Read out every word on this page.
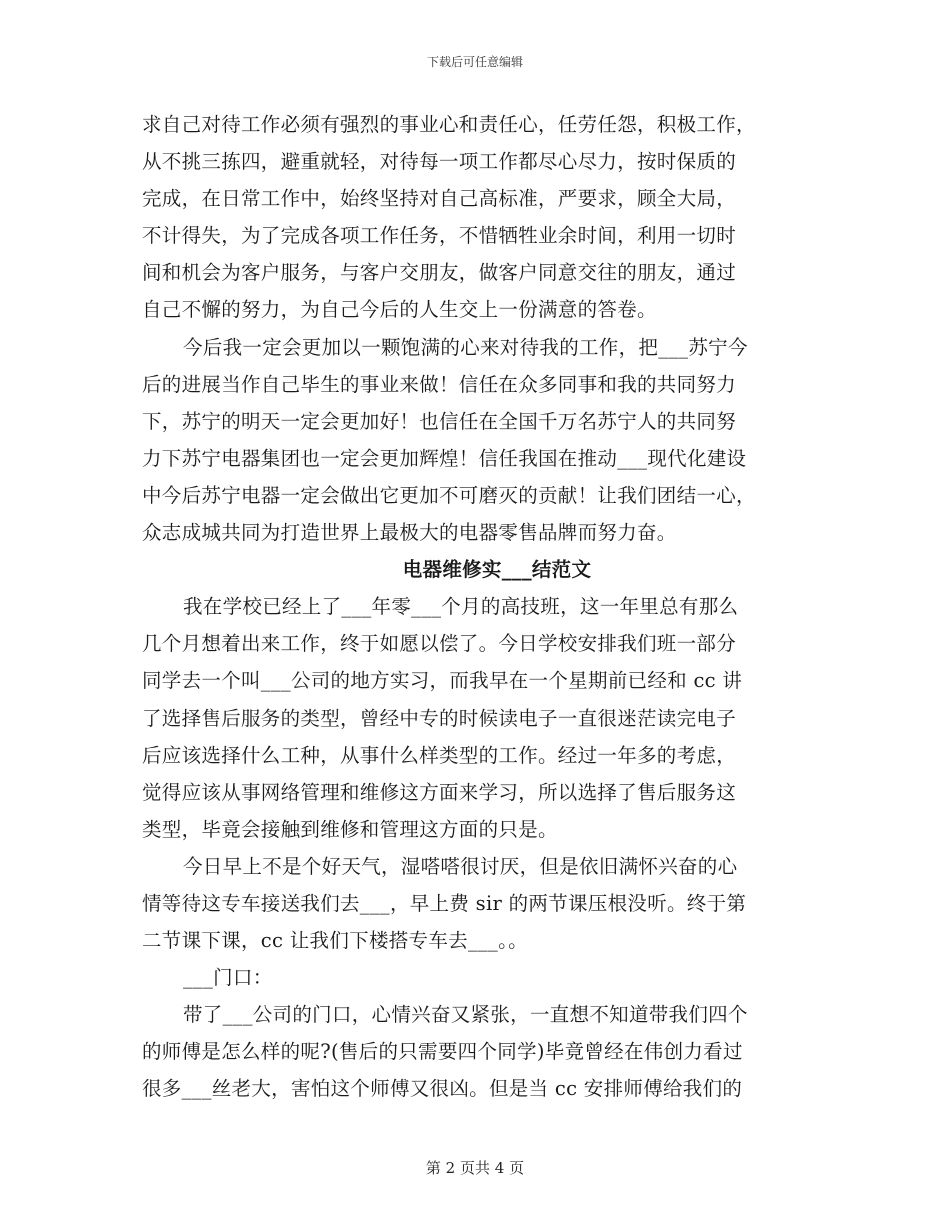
下载后可任意编辑
求自己对待工作必须有强烈的事业心和责任心，任劳任怨，积极工作，
从不挑三拣四，避重就轻，对待每一项工作都尽心尽力，按时保质的
完成，在日常工作中，始终坚持对自己高标准，严要求，顾全大局，
不计得失，为了完成各项工作任务，不惜牺牲业余时间，利用一切时
间和机会为客户服务，与客户交朋友，做客户同意交往的朋友，通过
自己不懈的努力，为自己今后的人生交上一份满意的答卷。
今后我一定会更加以一颗饱满的心来对待我的工作，把___苏宁今
后的进展当作自己毕生的事业来做！信任在众多同事和我的共同努力
下，苏宁的明天一定会更加好！也信任在全国千万名苏宁人的共同努
力下苏宁电器集团也一定会更加辉煌！信任我国在推动___现代化建设
中今后苏宁电器一定会做出它更加不可磨灭的贡献！让我们团结一心，
众志成城共同为打造世界上最极大的电器零售品牌而努力奋。
电器维修实___结范文
我在学校已经上了___年零___个月的高技班，这一年里总有那么
几个月想着出来工作，终于如愿以偿了。今日学校安排我们班一部分
同学去一个叫___公司的地方实习，而我早在一个星期前已经和 cc 讲
了选择售后服务的类型，曾经中专的时候读电子一直很迷茫读完电子
后应该选择什么工种，从事什么样类型的工作。经过一年多的考虑，
觉得应该从事网络管理和维修这方面来学习，所以选择了售后服务这
类型，毕竟会接触到维修和管理这方面的只是。
今日早上不是个好天气，湿嗒嗒很讨厌，但是依旧满怀兴奋的心
情等待这专车接送我们去___，早上费 sir 的两节课压根没听。终于第
二节课下课，cc 让我们下楼搭专车去___。。
___门口：
带了___公司的门口，心情兴奋又紧张，一直想不知道带我们四个
的师傅是怎么样的呢?(售后的只需要四个同学)毕竟曾经在伟创力看过
很多___丝老大，害怕这个师傅又很凶。但是当 cc 安排师傅给我们的
第 2 页共 4 页
